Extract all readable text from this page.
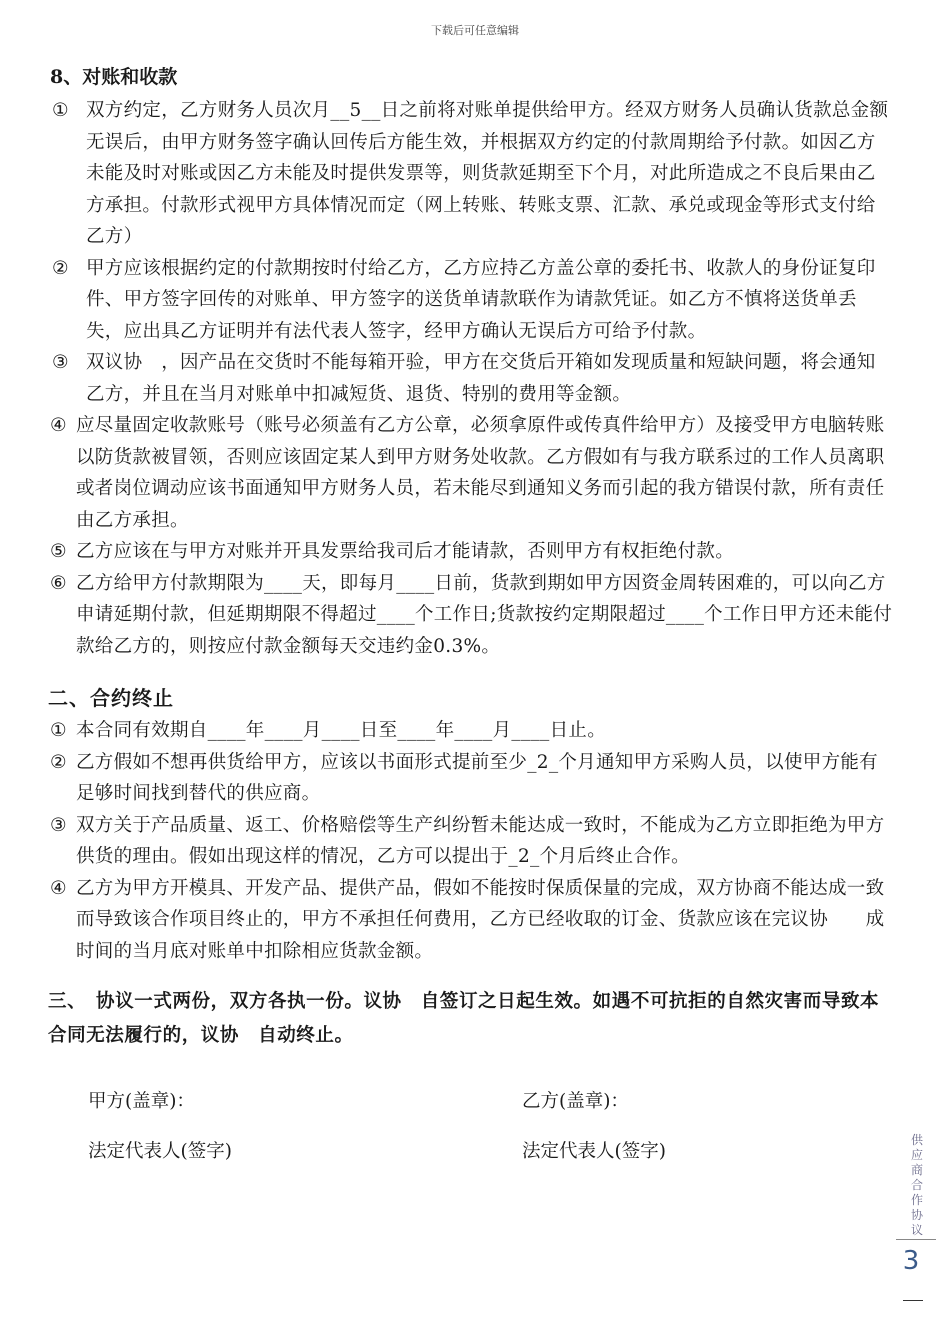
下载后可任意编辑
8、对账和收款
① 双方约定，乙方财务人员次月__5__日之前将对账单提供给甲方。经双方财务人员确认货款总金额无误后，由甲方财务签字确认回传后方能生效，并根据双方约定的付款周期给予付款。如因乙方未能及时对账或因乙方未能及时提供发票等，则货款延期至下个月，对此所造成之不良后果由乙方承担。付款形式视甲方具体情况而定（网上转账、转账支票、汇款、承兑或现金等形式支付给乙方）
② 甲方应该根据约定的付款期按时付给乙方，乙方应持乙方盖公章的委托书、收款人的身份证复印件、甲方签字回传的对账单、甲方签字的送货单请款联作为请款凭证。如乙方不慎将送货单丢失，应出具乙方证明并有法代表人签字，经甲方确认无误后方可给予付款。
③ 双议协　，因产品在交货时不能每箱开验，甲方在交货后开箱如发现质量和短缺问题，将会通知乙方，并且在当月对账单中扣减短货、退货、特别的费用等金额。
④ 应尽量固定收款账号（账号必须盖有乙方公章，必须拿原件或传真件给甲方）及接受甲方电脑转账以防货款被冒领，否则应该固定某人到甲方财务处收款。乙方假如有与我方联系过的工作人员离职或者岗位调动应该书面通知甲方财务人员，若未能尽到通知义务而引起的我方错误付款，所有责任由乙方承担。
⑤ 乙方应该在与甲方对账并开具发票给我司后才能请款，否则甲方有权拒绝付款。
⑥ 乙方给甲方付款期限为____天，即每月____日前，货款到期如甲方因资金周转困难的，可以向乙方申请延期付款，但延期期限不得超过____个工作日;货款按约定期限超过____个工作日甲方还未能付款给乙方的，则按应付款金额每天交违约金0.3%。
二、合约终止
① 本合同有效期自____年____月____日至____年____月____日止。
② 乙方假如不想再供货给甲方，应该以书面形式提前至少_2_个月通知甲方采购人员，以使甲方能有足够时间找到替代的供应商。
③ 双方关于产品质量、返工、价格赔偿等生产纠纷暂未能达成一致时，不能成为乙方立即拒绝为甲方供货的理由。假如出现这样的情况，乙方可以提出于_2_个月后终止合作。
④ 乙方为甲方开模具、开发产品、提供产品，假如不能按时保质保量的完成，双方协商不能达成一致而导致该合作项目终止的，甲方不承担任何费用，乙方已经收取的订金、货款应该在完议协　　成时间的当月底对账单中扣除相应货款金额。
三、　协议一式两份，双方各执一份。议协　自签订之日起生效。如遇不可抗拒的自然灾害而导致本合同无法履行的，议协　自动终止。
甲方(盖章)：	乙方(盖章)：
法定代表人(签字)	法定代表人(签字)
供应商合作协议
3
